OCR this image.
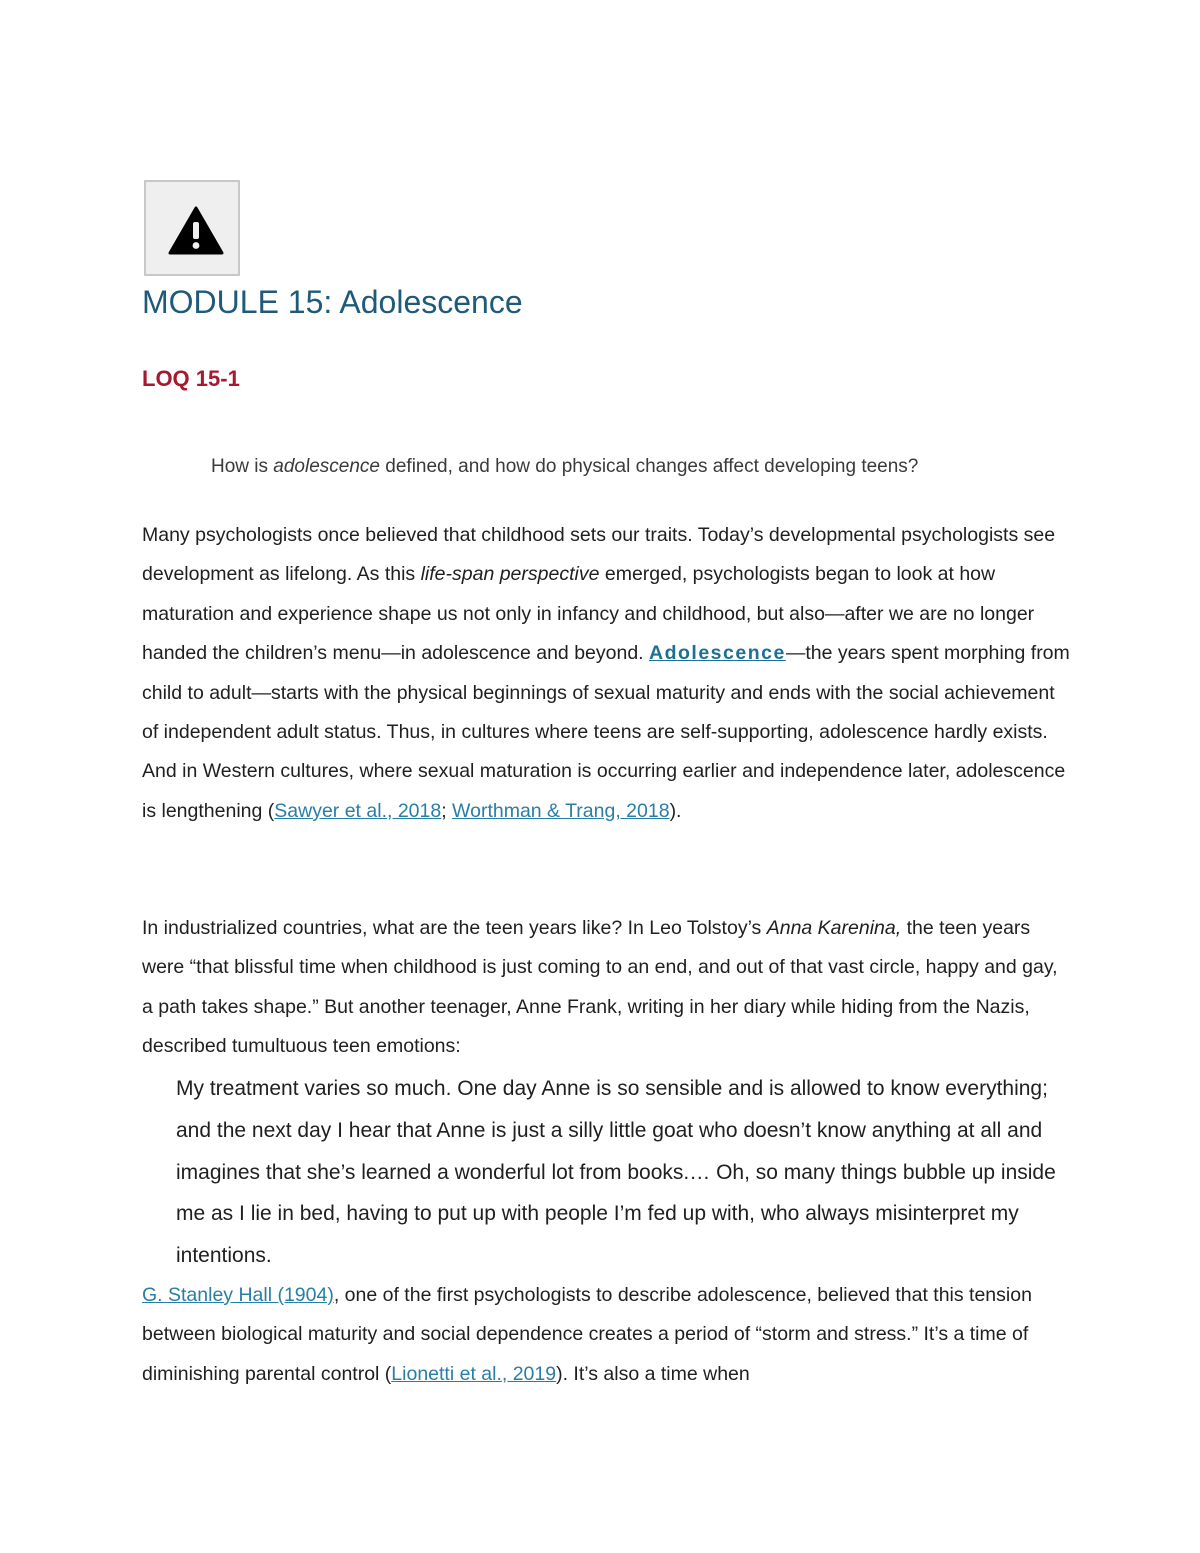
MODULE 15: Adolescence
LOQ 15-1

How is adolescence defined, and how do physical changes affect developing teens?

Many psychologists once believed that childhood sets our traits. Today’s developmental psychologists see development as lifelong. As this life-span perspective emerged, psychologists began to look at how maturation and experience shape us not only in infancy and childhood, but also—after we are no longer handed the children’s menu—in adolescence and beyond. Adolescence—the years spent morphing from child to adult—starts with the physical beginnings of sexual maturity and ends with the social achievement of independent adult status. Thus, in cultures where teens are self-supporting, adolescence hardly exists. And in Western cultures, where sexual maturation is occurring earlier and independence later, adolescence is lengthening (Sawyer et al., 2018; Worthman & Trang, 2018).

In industrialized countries, what are the teen years like? In Leo Tolstoy’s Anna Karenina, the teen years were “that blissful time when childhood is just coming to an end, and out of that vast circle, happy and gay, a path takes shape.” But another teenager, Anne Frank, writing in her diary while hiding from the Nazis, described tumultuous teen emotions:

My treatment varies so much. One day Anne is so sensible and is allowed to know everything; and the next day I hear that Anne is just a silly little goat who doesn’t know anything at all and imagines that she’s learned a wonderful lot from books.… Oh, so many things bubble up inside me as I lie in bed, having to put up with people I’m fed up with, who always misinterpret my intentions.

G. Stanley Hall (1904), one of the first psychologists to describe adolescence, believed that this tension between biological maturity and social dependence creates a period of “storm and stress.” It’s a time of diminishing parental control (Lionetti et al., 2019). It’s also a time when
